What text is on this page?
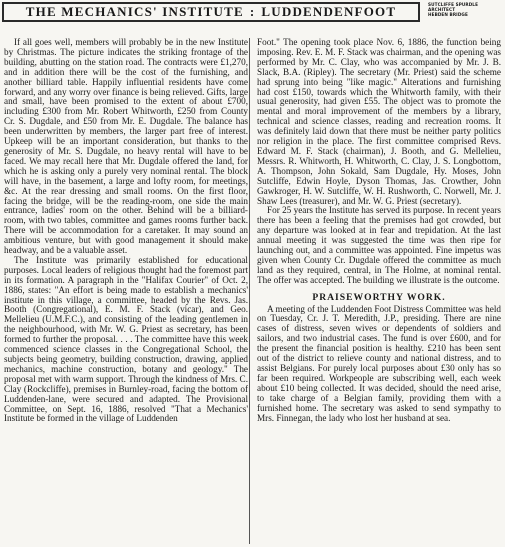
THE MECHANICS' INSTITUTE : LUDDENDENFOOT	SUTCLIFFE SPURDLE
ARCHITECT
HEBDEN BRIDGE

If all goes well, members will probably be in the new Institute by Christmas. The picture indicates the striking frontage of the building, abutting on the station road. The contracts were £1,270, and in addition there will be the cost of the furnishing, and another billiard table. Happily influential residents have come forward, and any worry over finance is being relieved. Gifts, large and small, have been promised to the extent of about £700, including £300 from Mr. Robert Whitworth, £250 from County Cr. S. Dugdale, and £50 from Mr. E. Dugdale. The balance has been underwritten by members, the larger part free of interest. Upkeep will be an important consideration, but thanks to the generosity of Mr. S. Dugdale, no heavy rental will have to be faced. We may recall here that Mr. Dugdale offered the land, for which he is asking only a purely very nominal rental. The block will have, in the basement, a large and lofty room, for meetings, &c. At the rear dressing and small rooms. On the first floor, facing the bridge, will be the reading-room, one side the main entrance, ladies' room on the other. Behind will be a billiard-room, with two tables, committee and games rooms further back. There will be accommodation for a caretaker. It may sound an ambitious venture, but with good management it should make headway, and be a valuable asset.

The Institute was primarily established for educational purposes. Local leaders of religious thought had the foremost part in its formation. A paragraph in the "Halifax Courier" of Oct. 2, 1886, states: "An effort is being made to establish a mechanics' institute in this village, a committee, headed by the Revs. Jas. Booth (Congregational), E. M. F. Stack (vicar), and Geo. Mellelieu (U.M.F.C.), and consisting of the leading gentlemen in the neighbourhood, with Mr. W. G. Priest as secretary, has been formed to further the proposal. . . . The committee have this week commenced science classes in the Congregational School, the subjects being geometry, building construction, drawing, applied mechanics, machine construction, botany and geology." The proposal met with warm support. Through the kindness of Mrs. C. Clay (Rockcliffe), premises in Burnley-road, facing the bottom of Luddenden-lane, were secured and adapted. The Provisional Committee, on Sept. 16, 1886, resolved "That a Mechanics' Institute be formed in the village of Luddenden

Foot." The opening took place Nov. 6, 1886, the function being imposing. Rev. E. M. F. Stack was chairman, and the opening was performed by Mr. C. Clay, who was accompanied by Mr. J. B. Slack, B.A. (Ripley). The secretary (Mr. Priest) said the scheme had sprung into being "like magic." Alterations and furnishing had cost £150, towards which the Whitworth family, with their usual generosity, had given £55. The object was to promote the mental and moral improvement of the members by a library, technical and science classes, reading and recreation rooms. It was definitely laid down that there must be neither party politics nor religion in the place. The first committee comprised Revs. Edward M. F. Stack (chairman), J. Booth, and G. Mellelieu, Messrs. R. Whitworth, H. Whitworth, C. Clay, J. S. Longbottom, A. Thompson, John Sokald, Sam Dugdale, Hy. Moses, John Sutcliffe, Edwin Hoyle, Dyson Thomas, Jas. Crowther, John Gawkroger, H. W. Sutcliffe, W. H. Rushworth, C. Norwell, Mr. J. Shaw Lees (treasurer), and Mr. W. G. Priest (secretary).

For 25 years the Institute has served its purpose. In recent years there has been a feeling that the premises had got crowded, but any departure was looked at in fear and trepidation. At the last annual meeting it was suggested the time was then ripe for launching out, and a committee was appointed. Fine impetus was given when County Cr. Dugdale offered the committee as much land as they required, central, in The Holme, at nominal rental. The offer was accepted. The building we illustrate is the outcome.

PRAISEWORTHY WORK.

A meeting of the Luddenden Foot Distress Committee was held on Tuesday, Cr. J. T. Meredith, J.P., presiding. There are nine cases of distress, seven wives or dependents of soldiers and sailors, and two industrial cases. The fund is over £600, and for the present the financial position is healthy. £210 has been sent out of the district to relieve county and national distress, and to assist Belgians. For purely local purposes about £30 only has so far been required. Workpeople are subscribing well, each week about £10 being collected. It was decided, should the need arise, to take charge of a Belgian family, providing them with a furnished home. The secretary was asked to send sympathy to Mrs. Finnegan, the lady who lost her husband at sea.
